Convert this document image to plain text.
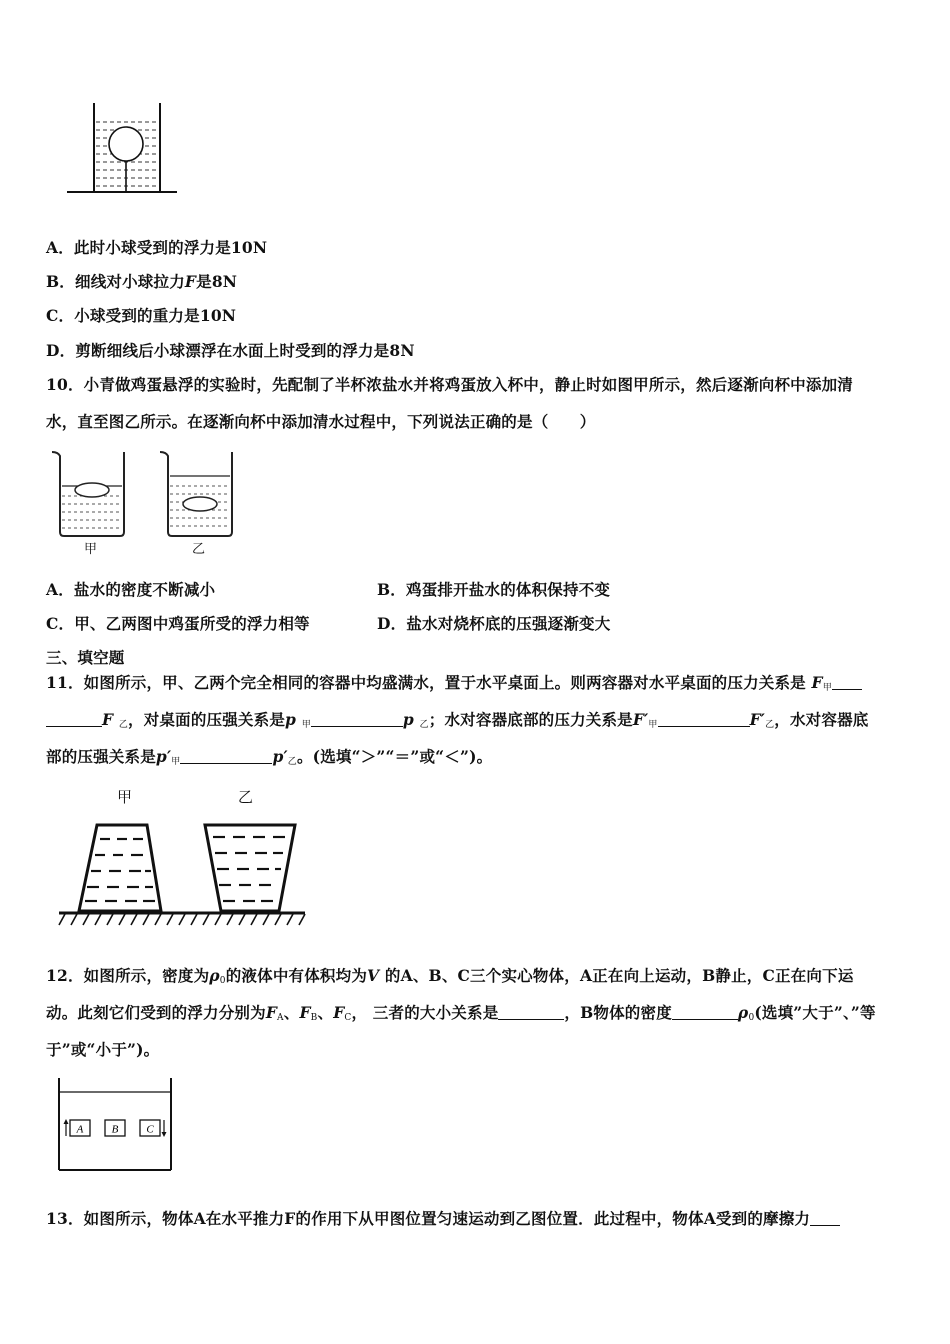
A．此时小球受到的浮力是10N
B．细线对小球拉力F是8N
C．小球受到的重力是10N
D．剪断细线后小球漂浮在水面上时受到的浮力是8N
10．小青做鸡蛋悬浮的实验时，先配制了半杯浓盐水并将鸡蛋放入杯中，静止时如图甲所示，然后逐渐向杯中添加清
水，直至图乙所示。在逐渐向杯中添加清水过程中，下列说法正确的是（　　）
甲	乙
A．盐水的密度不断减小	B．鸡蛋排开盐水的体积保持不变
C．甲、乙两图中鸡蛋所受的浮力相等	D．盐水对烧杯底的压强逐渐变大
三、填空题
11．如图所示，甲、乙两个完全相同的容器中均盛满水，置于水平桌面上。则两容器对水平桌面的压力关系是 $F_甲$
F $_乙$，对桌面的压强关系是p $_甲$	p $_乙$；水对容器底部的压力关系是$F'_甲$	$F'_乙$，水对容器底
部的压强关系是$p'_甲$	$p'_乙$。(选填“＞”“＝”或“＜”)。
甲	乙
12．如图所示，密度为$\rho_0$的液体中有体积均为V 的A、B、C三个实心物体，A正在向上运动，B静止，C正在向下运
动。此刻它们受到的浮力分别为$F_A$、$F_B$、$F_C$， 三者的大小关系是	，B物体的密度	$\rho_0$(选填”大于”、”等
于”或“小于”)。
A	B	C
13．如图所示，物体A在水平推力F的作用下从甲图位置匀速运动到乙图位置．此过程中，物体A受到的摩擦力
